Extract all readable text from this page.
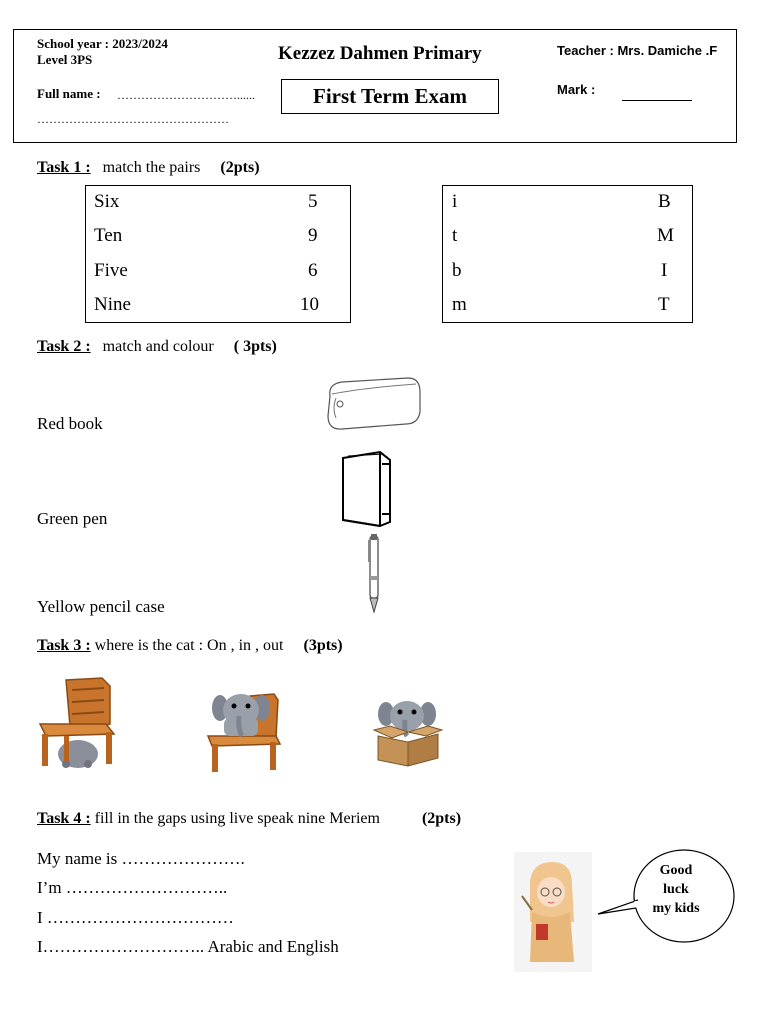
School year : 2023/2024
Level 3PS
Full name : …………………………......
…………………………………………
Kezzez Dahmen Primary
First Term Exam
Teacher : Mrs. Damiche .F
Mark :
Task 1 : match the pairs (2pts)
Six	5
Ten	9
Five	6
Nine	10
i	B
t	M
b	I
m	T
Task 2 : match and colour ( 3pts)
Red book
Green pen
Yellow pencil case
Task 3 : where is the cat : On , in , out (3pts)
Task 4 : fill in the gaps using live speak nine Meriem	(2pts)
My name is ………………….
I’m ………………………..
I ……………………………
I……………………….. Arabic and English
Good
luck
my kids
